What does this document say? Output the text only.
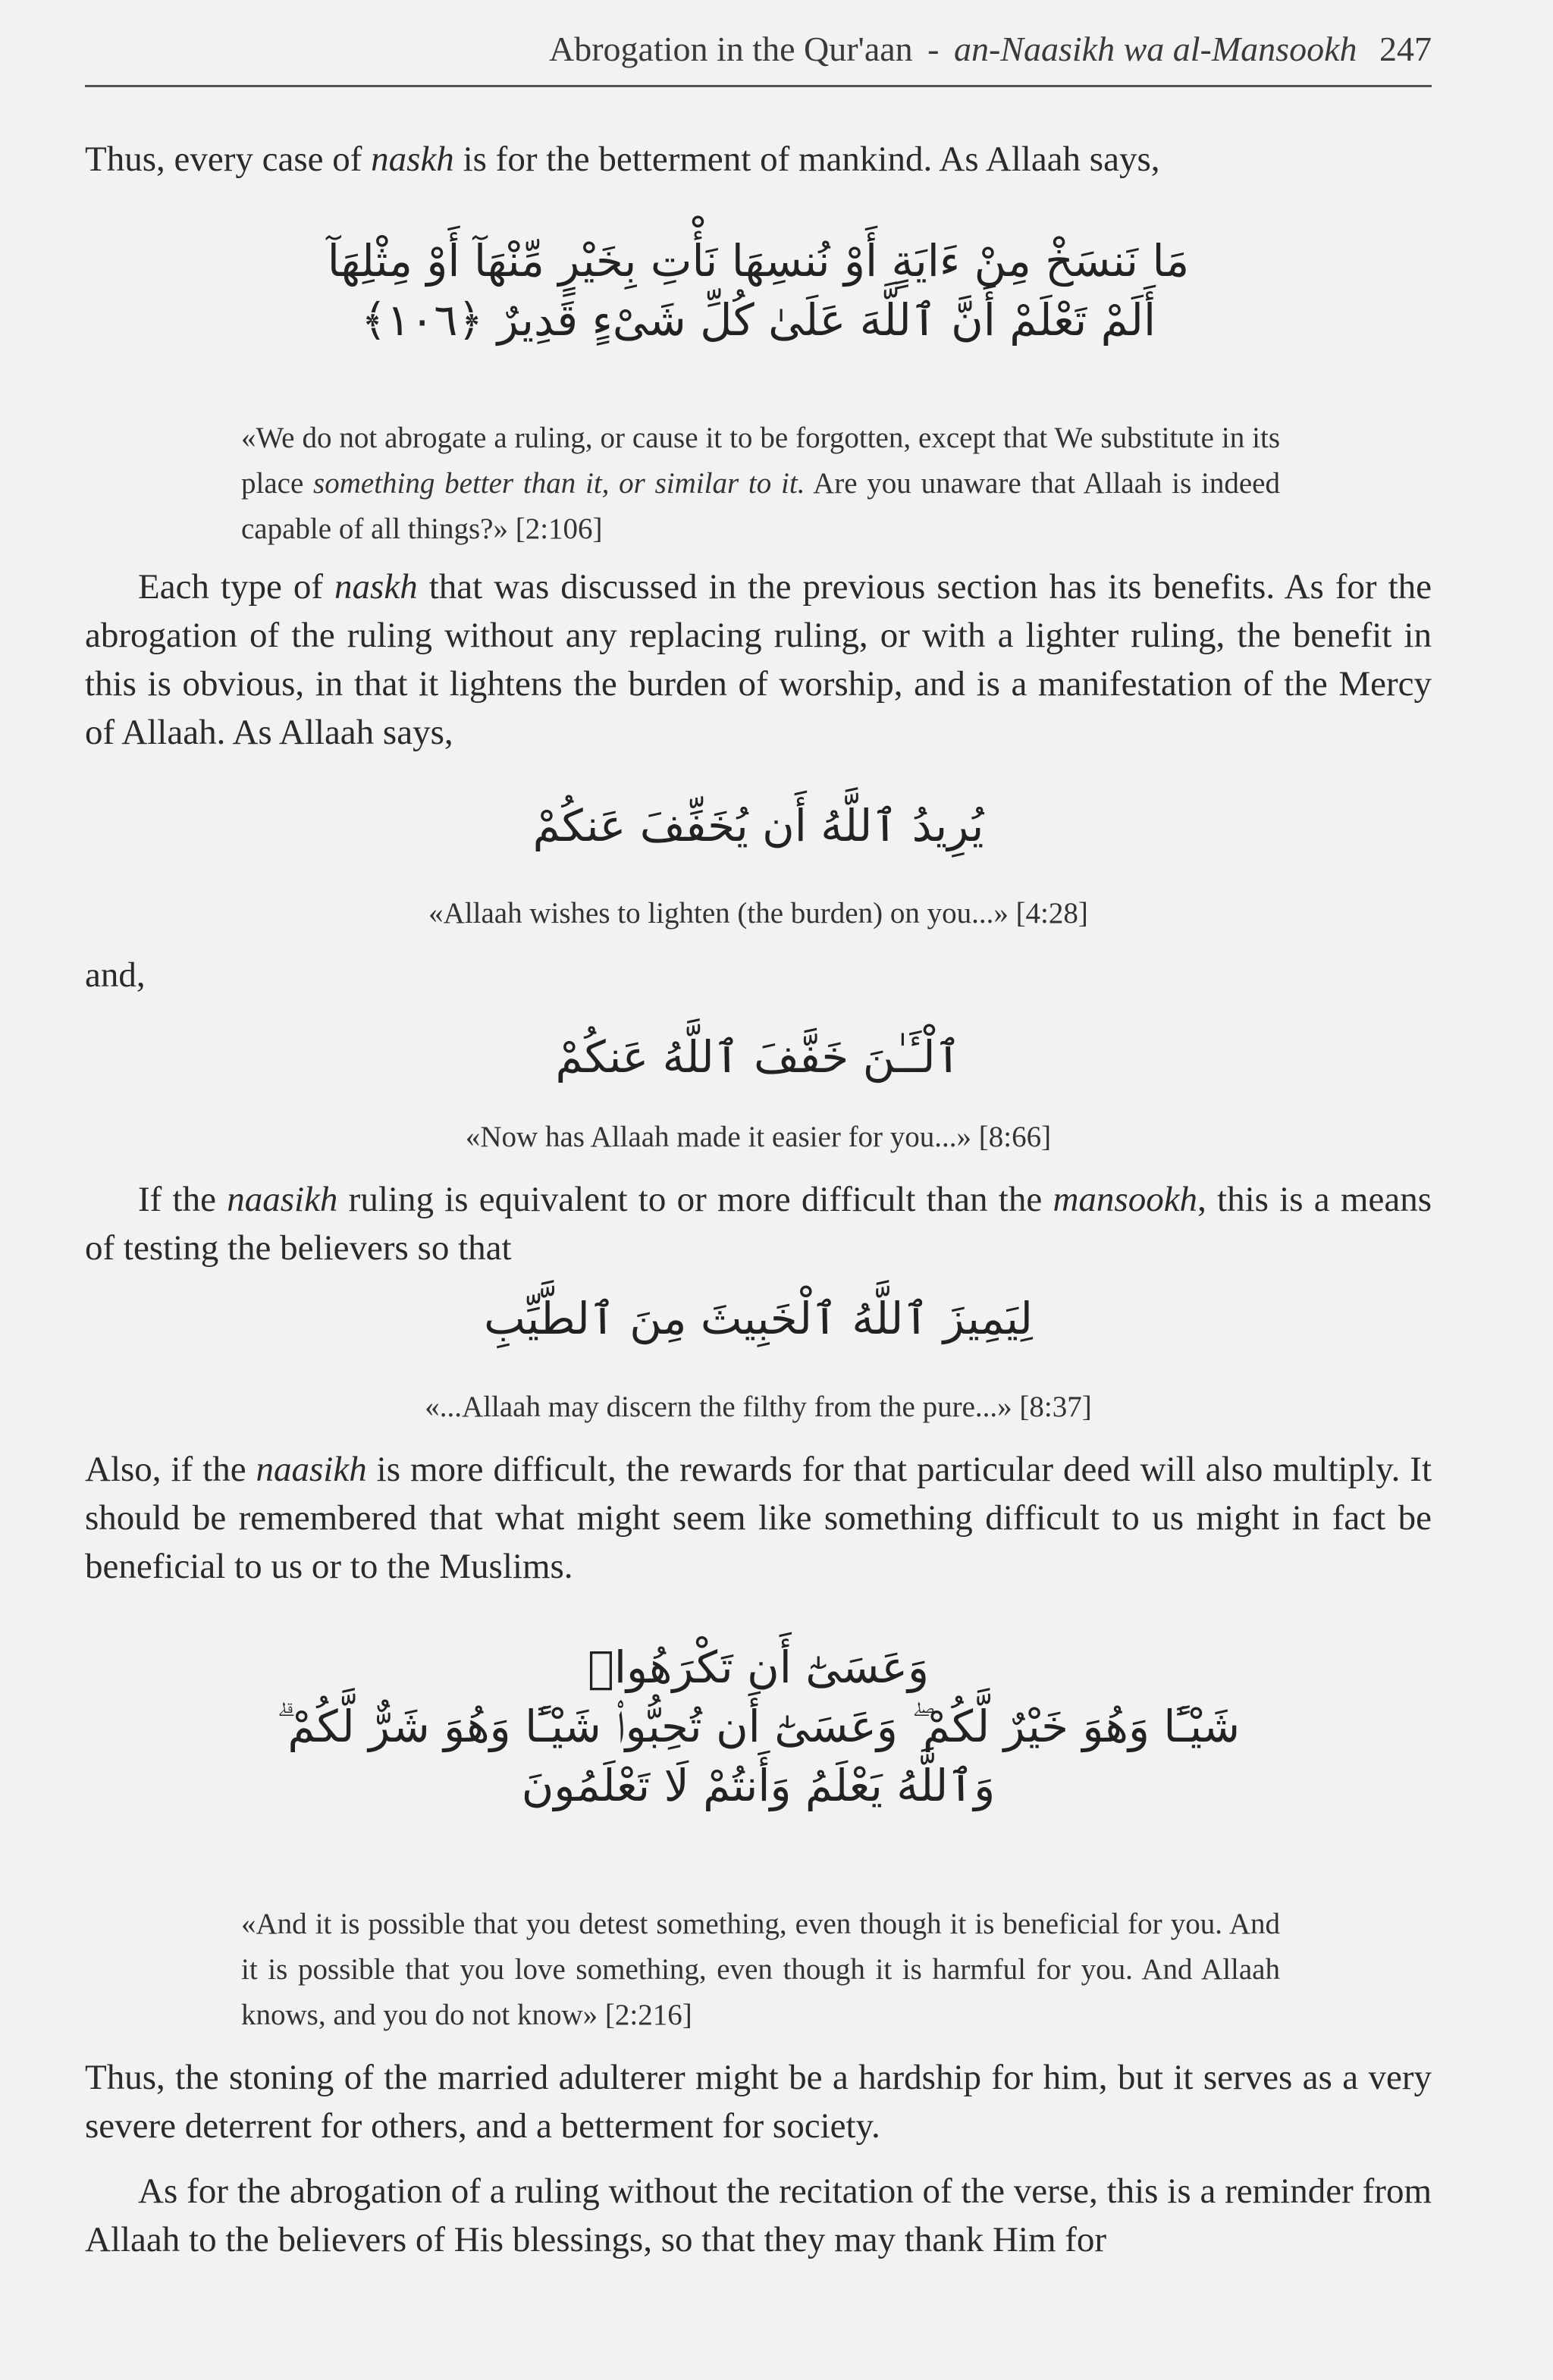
Abrogation in the Qur'aan - an-Naasikh wa al-Mansookh 247

Thus, every case of naskh is for the betterment of mankind. As Allaah says,

مَا نَنسَخْ مِنْ ءَايَةٍ أَوْ نُنسِهَا نَأْتِ بِخَيْرٍ مِّنْهَآ أَوْ مِثْلِهَآ
أَلَمْ تَعْلَمْ أَنَّ ٱللَّهَ عَلَىٰ كُلِّ شَىْءٍ قَدِيرٌ ﴿١٠٦﴾

«We do not abrogate a ruling, or cause it to be forgotten, except that We substitute in its place something better than it, or similar to it. Are you unaware that Allaah is indeed capable of all things?» [2:106]

Each type of naskh that was discussed in the previous section has its benefits. As for the abrogation of the ruling without any replacing ruling, or with a lighter ruling, the benefit in this is obvious, in that it lightens the burden of worship, and is a manifestation of the Mercy of Allaah. As Allaah says,

يُرِيدُ ٱللَّهُ أَن يُخَفِّفَ عَنكُمْ

«Allaah wishes to lighten (the burden) on you...» [4:28]

and,

ٱلْـَٔـٰنَ خَفَّفَ ٱللَّهُ عَنكُمْ

«Now has Allaah made it easier for you...» [8:66]

If the naasikh ruling is equivalent to or more difficult than the mansookh, this is a means of testing the believers so that

لِيَمِيزَ ٱللَّهُ ٱلْخَبِيثَ مِنَ ٱلطَّيِّبِ

«...Allaah may discern the filthy from the pure...» [8:37]

Also, if the naasikh is more difficult, the rewards for that particular deed will also multiply. It should be remembered that what might seem like something difficult to us might in fact be beneficial to us or to the Muslims.

وَعَسَىٰٓ أَن تَكْرَهُوا۟
شَيْـًٔا وَهُوَ خَيْرٌ لَّكُمْ ۖ وَعَسَىٰٓ أَن تُحِبُّوا۟ شَيْـًٔا وَهُوَ شَرٌّ لَّكُمْ ۗ
وَٱللَّهُ يَعْلَمُ وَأَنتُمْ لَا تَعْلَمُونَ

«And it is possible that you detest something, even though it is beneficial for you. And it is possible that you love something, even though it is harmful for you. And Allaah knows, and you do not know» [2:216]

Thus, the stoning of the married adulterer might be a hardship for him, but it serves as a very severe deterrent for others, and a betterment for society.

As for the abrogation of a ruling without the recitation of the verse, this is a reminder from Allaah to the believers of His blessings, so that they may thank Him for
